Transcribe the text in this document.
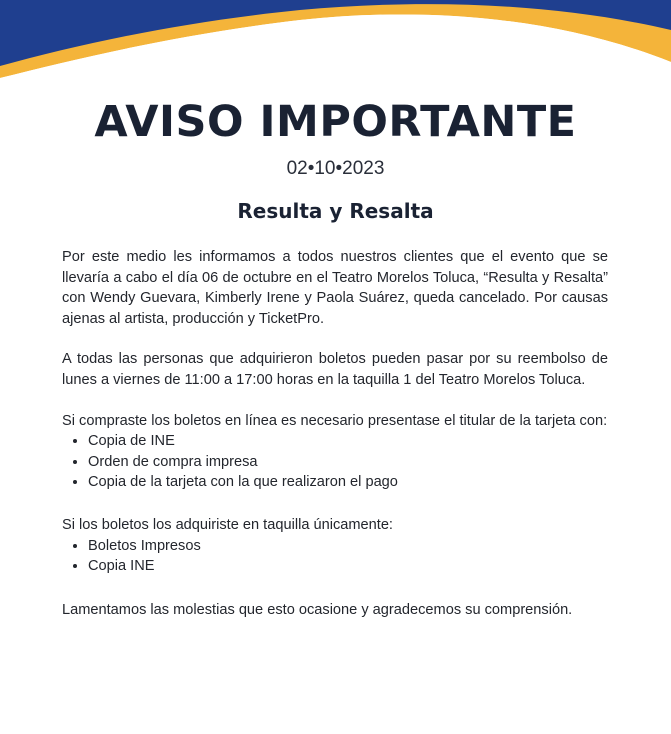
AVISO IMPORTANTE
02•10•2023
Resulta y Resalta

Por este medio les informamos a todos nuestros clientes que el evento que se llevaría a cabo el día 06 de octubre en el Teatro Morelos Toluca, “Resulta y Resalta” con Wendy Guevara, Kimberly Irene y Paola Suárez, queda cancelado. Por causas ajenas al artista, producción y TicketPro.

A todas las personas que adquirieron boletos pueden pasar por su reembolso de lunes a viernes de 11:00 a 17:00 horas en la taquilla 1 del Teatro Morelos Toluca.

Si compraste los boletos en línea es necesario presentase el titular de la tarjeta con:

• Copia de INE
• Orden de compra impresa
• Copia de la tarjeta con la que realizaron el pago

Si los boletos los adquiriste en taquilla únicamente:

• Boletos Impresos
• Copia INE

Lamentamos las molestias que esto ocasione y agradecemos su comprensión.
